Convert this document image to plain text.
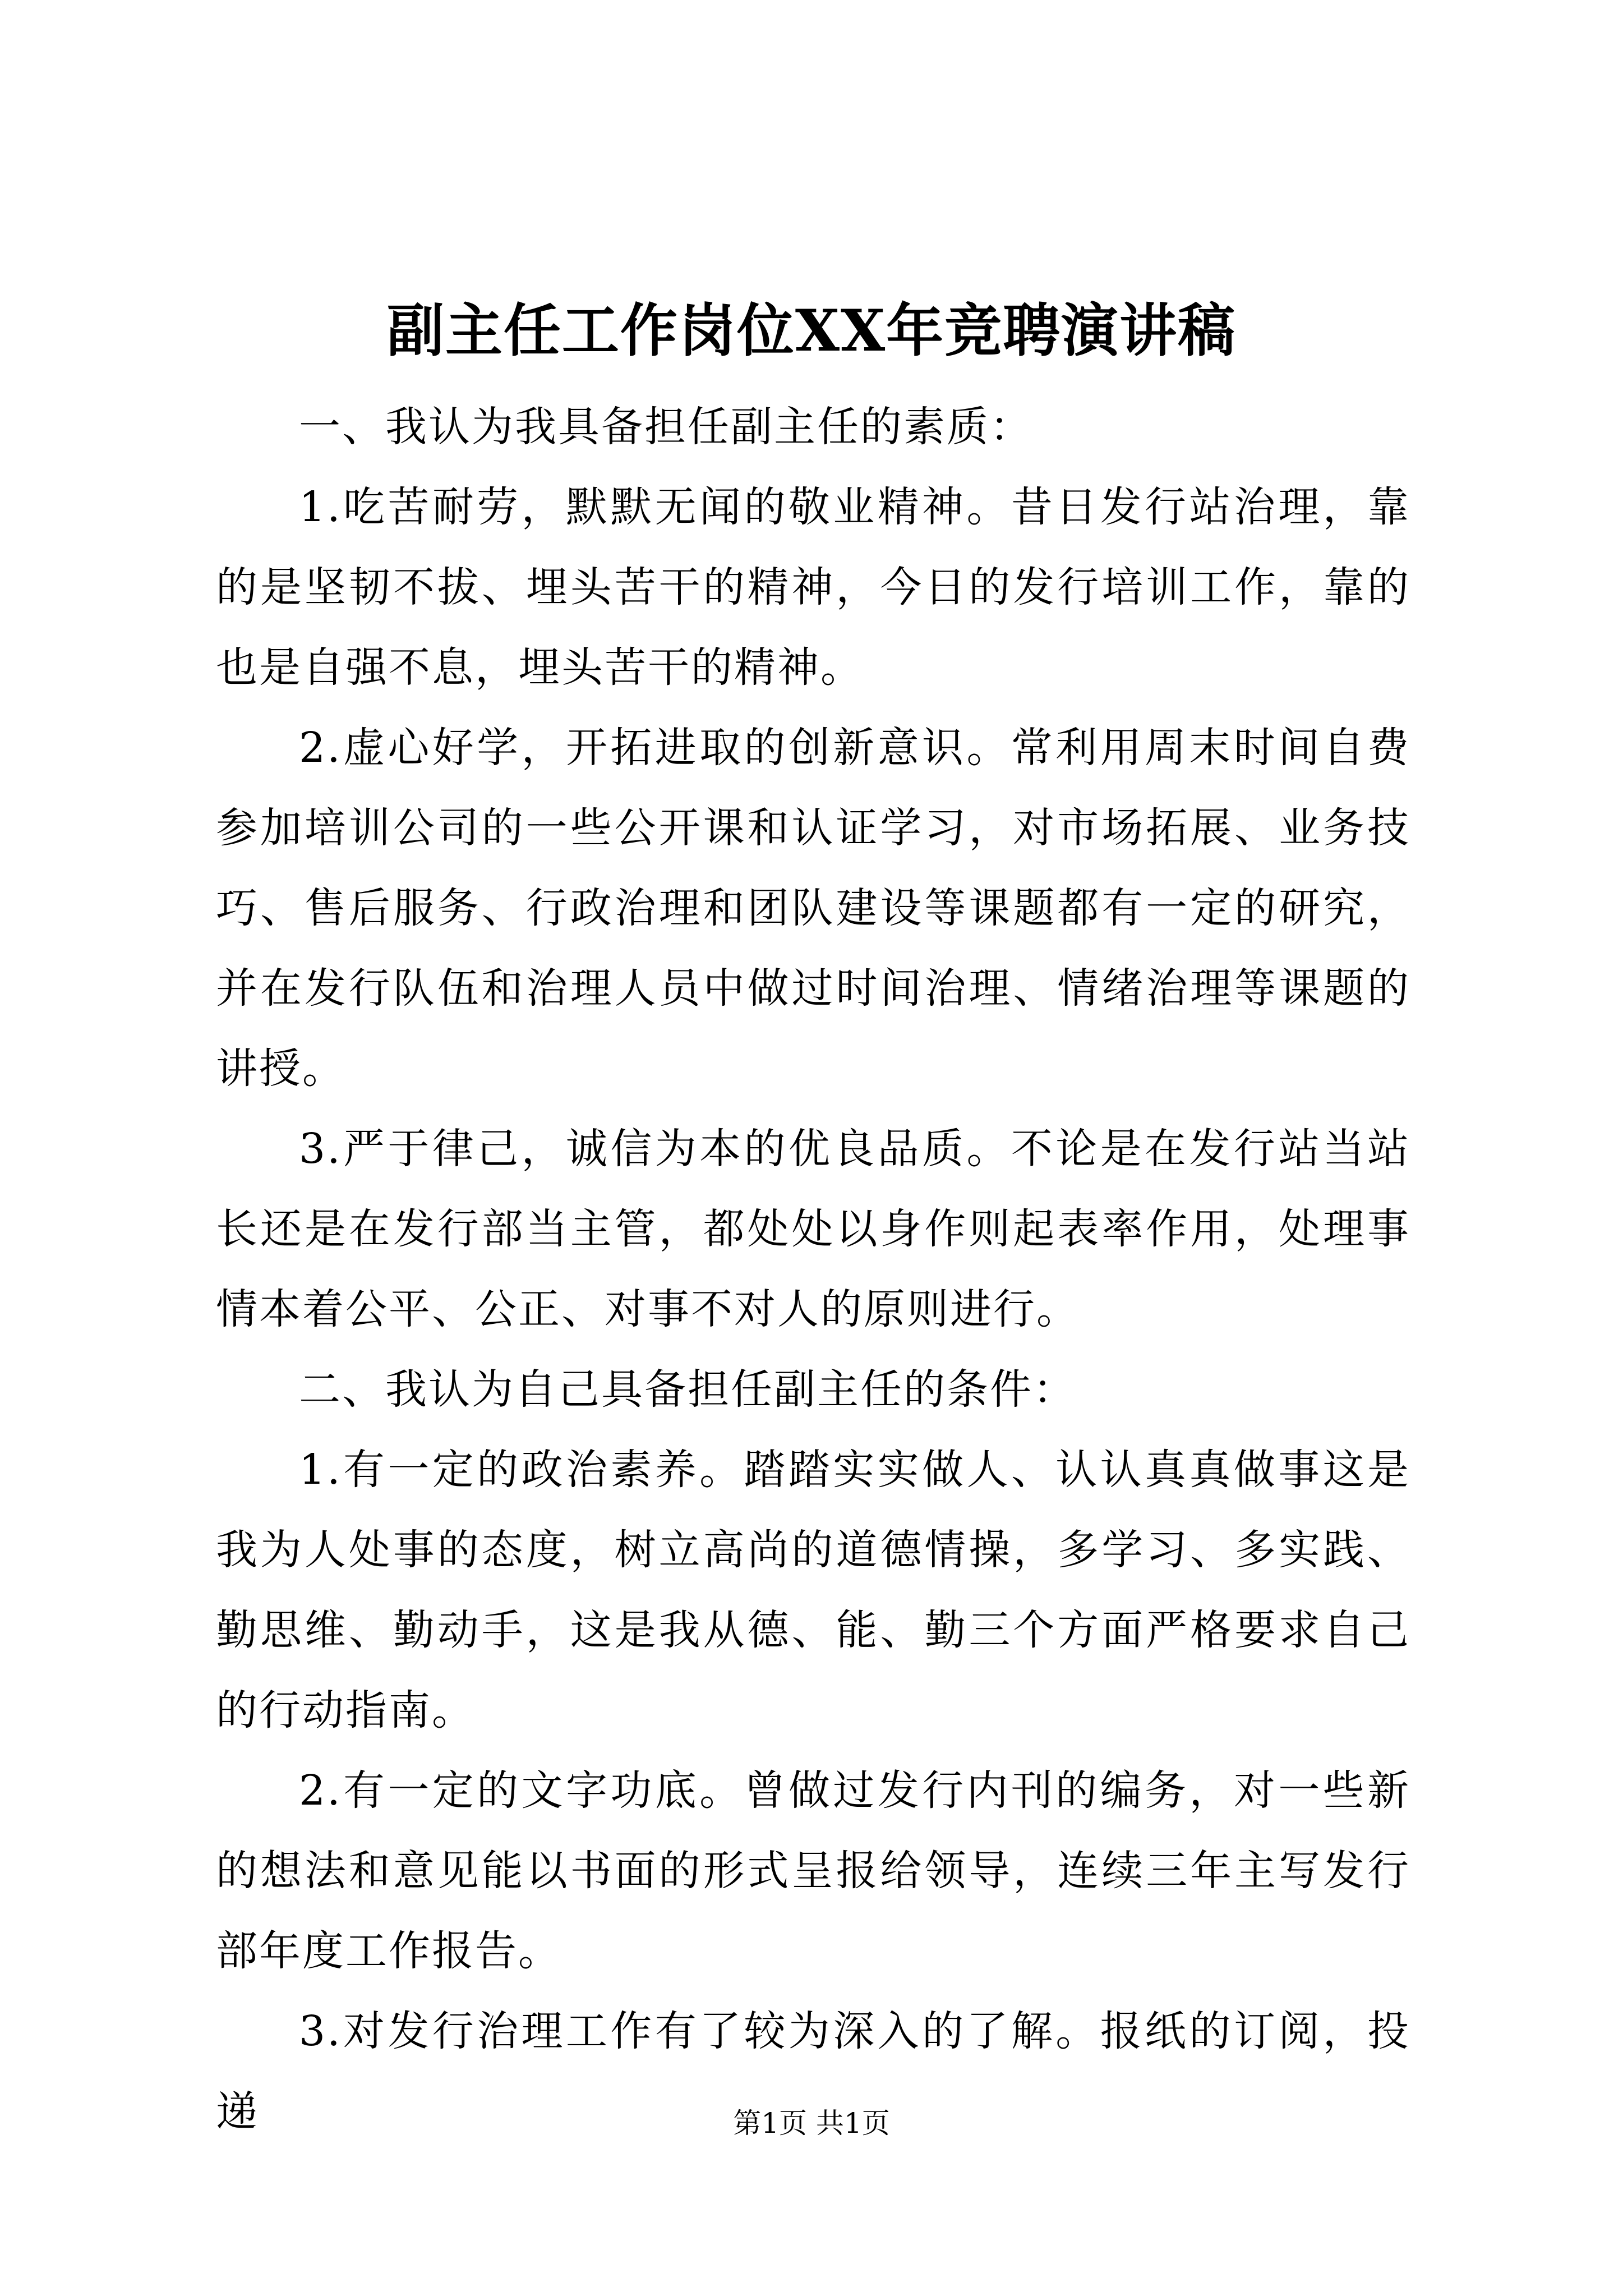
副主任工作岗位XX年竞聘演讲稿

一、我认为我具备担任副主任的素质：

1.吃苦耐劳，默默无闻的敬业精神。昔日发行站治理，靠的是坚韧不拔、埋头苦干的精神，今日的发行培训工作，靠的也是自强不息，埋头苦干的精神。

2.虚心好学，开拓进取的创新意识。常利用周末时间自费参加培训公司的一些公开课和认证学习，对市场拓展、业务技巧、售后服务、行政治理和团队建设等课题都有一定的研究，并在发行队伍和治理人员中做过时间治理、情绪治理等课题的讲授。

3.严于律己，诚信为本的优良品质。不论是在发行站当站长还是在发行部当主管，都处处以身作则起表率作用，处理事情本着公平、公正、对事不对人的原则进行。

二、我认为自己具备担任副主任的条件：

1.有一定的政治素养。踏踏实实做人、认认真真做事这是我为人处事的态度，树立高尚的道德情操，多学习、多实践、勤思维、勤动手，这是我从德、能、勤三个方面严格要求自己的行动指南。

2.有一定的文字功底。曾做过发行内刊的编务，对一些新的想法和意见能以书面的形式呈报给领导，连续三年主写发行部年度工作报告。

3.对发行治理工作有了较为深入的了解。报纸的订阅，投递	第1页 共1页
